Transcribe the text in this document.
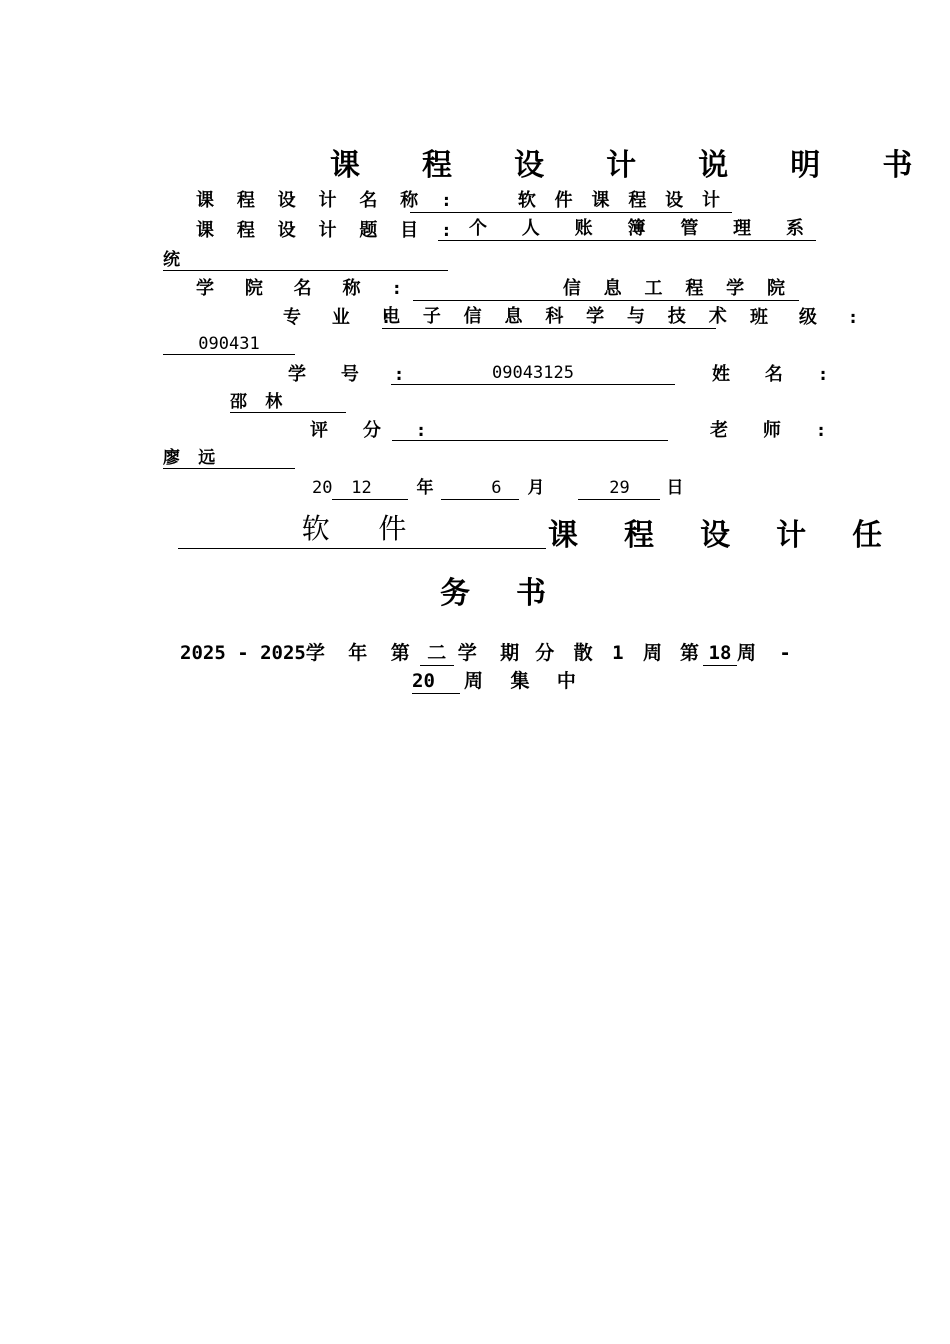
课 程 设 计 说 明 书
课 程 设 计 名 称 :	软 件 课 程 设 计
课 程 设 计 题 目 : 个 人 账 簿 管 理 系
统
学 院 名 称 :	信 息 工 程 学 院
专 业 :
电 子 信 息 科 学 与 技 术 班 级 :
090431
学 号 :	09043125	姓 名 :
邵 林
评 分 :	老 师 :
廖 远
20 12	年	6 月	29 日
软 件	课 程 设 计 任
务 书
2025 - 2025学 年 第 二 学 期 分 散 1 周 第 18 周 -
20 周 集 中
